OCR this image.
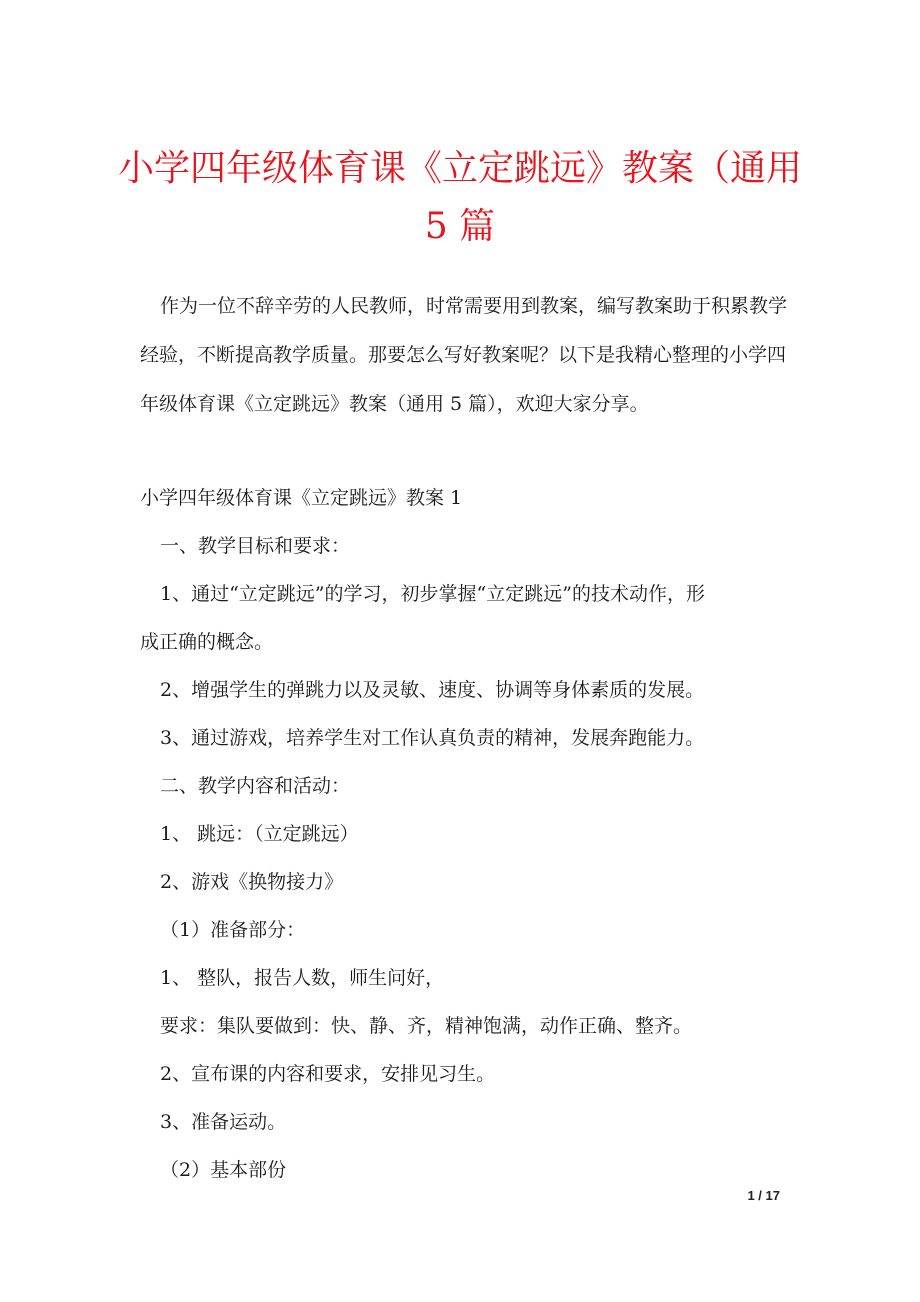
小学四年级体育课《立定跳远》教案（通用
5 篇
作为一位不辞辛劳的人民教师，时常需要用到教案，编写教案助于积累教学经验，不断提高教学质量。那要怎么写好教案呢？以下是我精心整理的小学四年级体育课《立定跳远》教案（通用 5 篇），欢迎大家分享。
小学四年级体育课《立定跳远》教案 1
一、教学目标和要求：
1、通过“立定跳远”的学习，初步掌握“立定跳远”的技术动作，形
成正确的概念。
2、增强学生的弹跳力以及灵敏、速度、协调等身体素质的发展。
3、通过游戏，培养学生对工作认真负责的精神，发展奔跑能力。
二、教学内容和活动：
1、 跳远：（立定跳远）
2、游戏《换物接力》
（1）准备部分：
1、 整队，报告人数，师生问好，
要求：集队要做到：快、静、齐，精神饱满，动作正确、整齐。
2、宣布课的内容和要求，安排见习生。
3、准备运动。
（2）基本部份
1 / 17
